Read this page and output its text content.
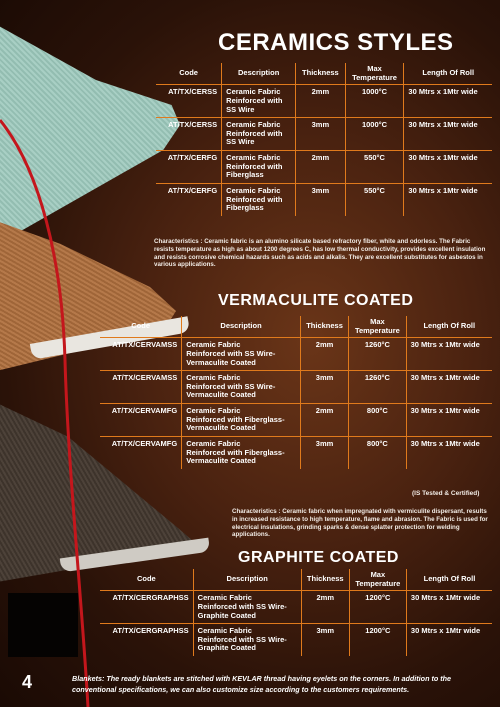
CERAMICS STYLES
Code	Description	Thickness	Max
Temperature	Length Of Roll
AT/TX/CERSS	Ceramic Fabric
Reinforced with
SS Wire	2mm	1000°C	30 Mtrs x 1Mtr wide
AT/TX/CERSS	Ceramic Fabric
Reinforced with
SS Wire	3mm	1000°C	30 Mtrs x 1Mtr wide
AT/TX/CERFG	Ceramic Fabric
Reinforced with
Fiberglass	2mm	550°C	30 Mtrs x 1Mtr wide
AT/TX/CERFG	Ceramic Fabric
Reinforced with
Fiberglass	3mm	550°C	30 Mtrs x 1Mtr wide
Characteristics : Ceramic fabric is an alumino silicate based refractory fiber, white and odorless. The Fabric resists temperature as high as about 1200 degrees C, has low thermal conductivity, provides excellent insulation and resists corrosive chemical hazards such as acids and alkalis. They are excellent substitutes for asbestos in various applications.
VERMACULITE COATED
Code	Description	Thickness	Max
Temperature	Length Of Roll
AT/TX/CERVAMSS	Ceramic Fabric
Reinforced with SS Wire-
Vermaculite Coated	2mm	1260°C	30 Mtrs x 1Mtr wide
AT/TX/CERVAMSS	Ceramic Fabric
Reinforced with SS Wire-
Vermaculite Coated	3mm	1260°C	30 Mtrs x 1Mtr wide
AT/TX/CERVAMFG	Ceramic Fabric
Reinforced with Fiberglass-
Vermaculite Coated	2mm	800°C	30 Mtrs x 1Mtr wide
AT/TX/CERVAMFG	Ceramic Fabric
Reinforced with Fiberglass-
Vermaculite Coated	3mm	800°C	30 Mtrs x 1Mtr wide
(IS Tested & Certified)
Characteristics : Ceramic fabric when impregnated with vermiculite dispersant, results in increased resistance to high temperature, flame and abrasion. The Fabric is used for electrical insulations, grinding sparks & dense splatter protection for welding applications.
GRAPHITE COATED
Code	Description	Thickness	Max
Temperature	Length Of Roll
AT/TX/CERGRAPHSS	Ceramic Fabric
Reinforced with SS Wire-
Graphite Coated	2mm	1200°C	30 Mtrs x 1Mtr wide
AT/TX/CERGRAPHSS	Ceramic Fabric
Reinforced with SS Wire-
Graphite Coated	3mm	1200°C	30 Mtrs x 1Mtr wide
4	Blankets: The ready blankets are stitched with KEVLAR thread having eyelets on the corners. In addition to the conventional specifications, we can also customize size according to the customers requirements.
